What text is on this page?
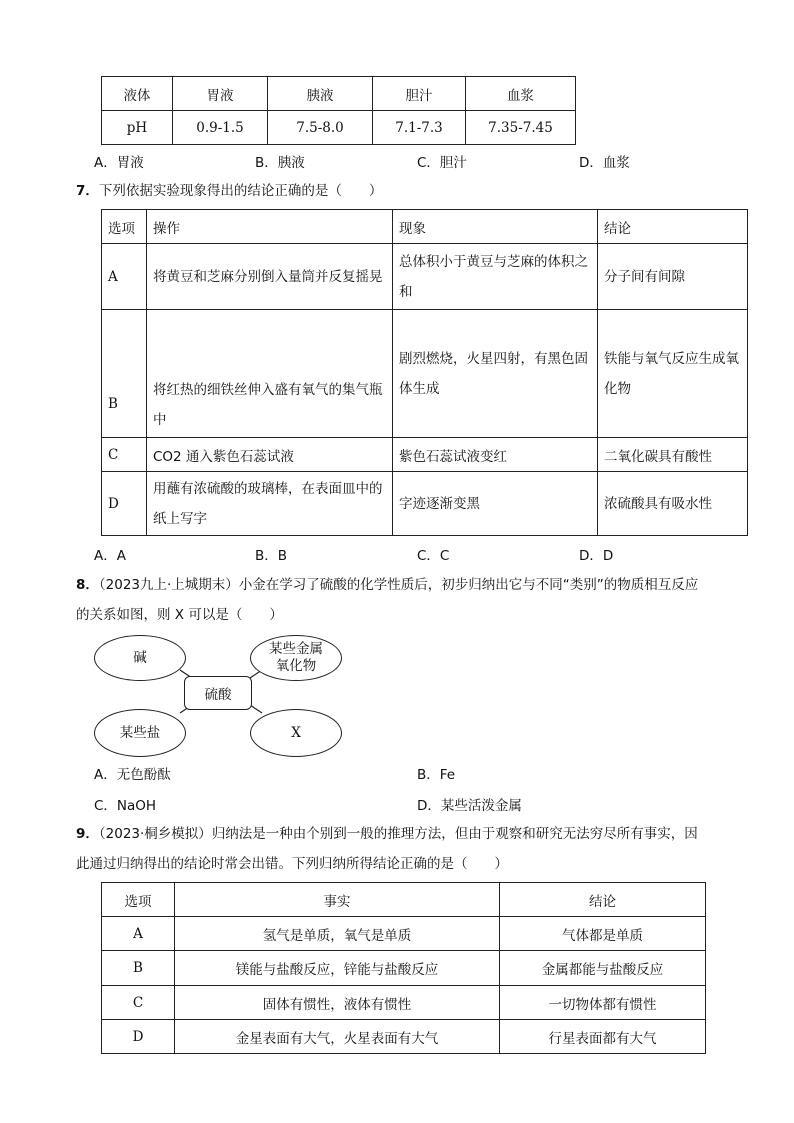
液体	胃液	胰液	胆汁	血浆
pH	0.9-1.5	7.5-8.0	7.1-7.3	7.35-7.45
A．胃液	B．胰液	C．胆汁	D．血浆
7．下列依据实验现象得出的结论正确的是（　　）
选项	操作	现象	结论
A	将黄豆和芝麻分别倒入量筒并反复摇晃	总体积小于黄豆与芝麻的体积之和	分子间有间隙
B	将红热的细铁丝伸入盛有氧气的集气瓶中	剧烈燃烧，火星四射，有黑色固体生成	铁能与氧气反应生成氧化物
C	CO2 通入紫色石蕊试液	紫色石蕊试液变红	二氧化碳具有酸性
D	用蘸有浓硫酸的玻璃棒，在表面皿中的纸上写字	字迹逐渐变黑	浓硫酸具有吸水性
A．A	B．B	C．C	D．D
8．（2023九上·上城期末）小金在学习了硫酸的化学性质后，初步归纳出它与不同“类别”的物质相互反应
的关系如图，则 X 可以是（　　）
碱
某些金属
氧化物
硫酸
某些盐	X
A．无色酚酞	B．Fe
C．NaOH	D．某些活泼金属
9．（2023·桐乡模拟）归纳法是一种由个别到一般的推理方法，但由于观察和研究无法穷尽所有事实，因
此通过归纳得出的结论时常会出错。下列归纳所得结论正确的是（　　）
选项	事实	结论
A	氢气是单质，氧气是单质	气体都是单质
B	镁能与盐酸反应，锌能与盐酸反应	金属都能与盐酸反应
C	固体有惯性，液体有惯性	一切物体都有惯性
D	金星表面有大气，火星表面有大气	行星表面都有大气
